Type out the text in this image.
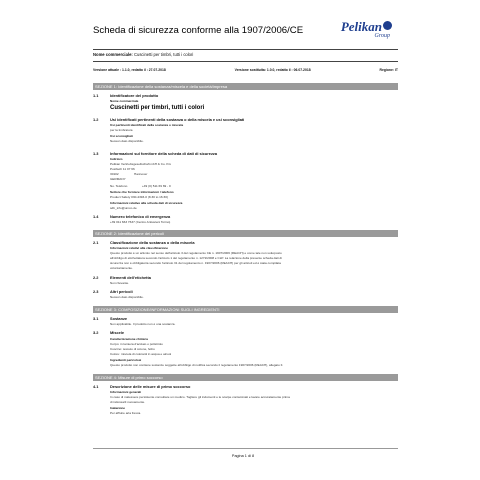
Scheda di sicurezza conforme alla 1907/2006/CE	Pelikan
Group
Nome commerciale: Cuscinetti per timbri, tutti i colori
Versione attuale : 1.1.0, redatto il : 27.07.2018	Versione sostituita: 1.0.0, redatto il : 06.07.2018	Regione: IT
SEZIONE 1: Identificazione della sostanza/miscela e della società/impresa
1.1	Identificatore del prodotto
Nome commerciale
Cuscinetti per timbri, tutti i colori
1.2	Usi identificati pertinenti della sostanza o della miscela e usi sconsigliati
Usi pertinenti identificati della sostanza o miscela
per la timbratura
Usi sconsigliati
Nessun dato disponibile.
1.3	Informazioni sul fornitore della scheda di dati di sicurezza
Indirizzo
Pelikan Vertriebsgesellschaft mbH & Co. KG
Postfach 11 07 66
30102	Hannover
GERMANY
No. Telefono	+49 (0) 511 69 69 - 0
Settore che fornisce informazioni / telefono
Product Safety 030-4393-0 (8.30 to 16:30)
Informazioni relative alla scheda dati di sicurezza
sdb_info@umco.de
1.4	Numero telefonico di emergenza
+39 011 663 7637 (Centro Antiveleni Torino)
SEZIONE 2: Identificazione dei pericoli
2.1	Classificazione della sostanza o della miscela
Informazioni relativi alla classificazione
Questo prodotto è un articolo nel senso dell'articolo 3 del regolamento CE n. 1907/2006 (REACH) e come tale non sottoposto
all'obbligo di etichettatura secondo l'articolo 1 del regolamento n. 1272/2008 e CLP. La relazione della presente scheda dati di
sicurezza non è obbligatoria secondo l'articolo 31 del regolamento n. 1907/2006 (REACH) per gli articoli ed è stata compilata
volontariamente.
2.2	Elementi dell'etichetta
Non rilevante.
2.3	Altri pericoli
Nessun dato disponibile.
SEZIONE 3: COMPOSIZIONE/INFORMAZIONI SUGLI INGREDIENTI
3.1	Sostanze
Non applicabile. Il prodotto non è una sostanza.
3.2	Miscele
Caratterizzazione chimica
Corpo: in lamiera d'acciaio o polistirolo
Cuscino: tessuto di cotone, feltro
Colore: miscela di coloranti in acqua e alcool
Ingredienti pericolosi
Questo prodotto non contiene sostanze soggette all'obbligo di notifica secondo il regolamento 1907/2006 (REACH), allegato II.
SEZIONE 4: Misure di primo soccorso
4.1	Descrizione delle misure di primo soccorso
Informazioni generali
In caso di malessere persistente consultare un medico. Togliere gli indumenti e le scarpe contaminati e lavare accuratamente prima
di indossarli nuovamente.
Inalazione
Per affluire aria fresca.
Pagina 1 di 8
